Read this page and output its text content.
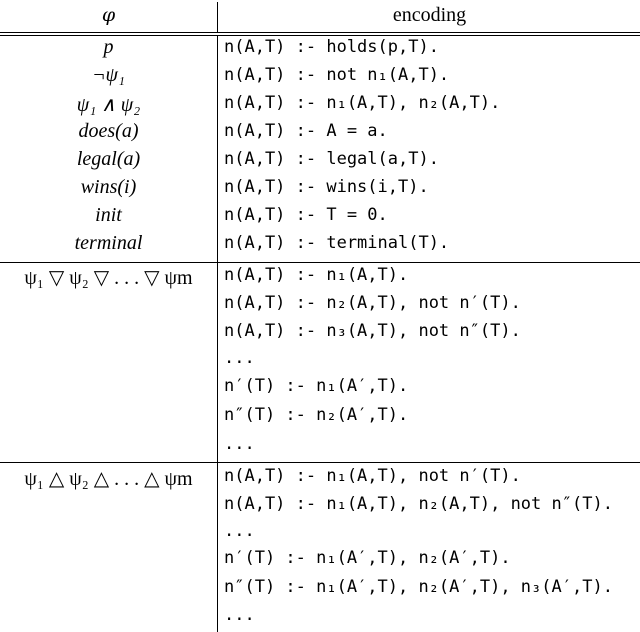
φ	encoding
p	n(A,T) :- holds(p,T).
¬ψ₁	n(A,T) :- not n₁(A,T).
ψ₁ ∧ ψ₂	n(A,T) :- n₁(A,T), n₂(A,T).
does(a)	n(A,T) :- A = a.
legal(a)	n(A,T) :- legal(a,T).
wins(i)	n(A,T) :- wins(i,T).
init	n(A,T) :- T = 0.
terminal	n(A,T) :- terminal(T).
ψ₁ ▽ ψ₂ ▽ . . . ▽ ψm	n(A,T) :- n₁(A,T).
n(A,T) :- n₂(A,T), not n′(T).
n(A,T) :- n₃(A,T), not n″(T).
...
n′(T) :- n₁(A′,T).
n″(T) :- n₂(A′,T).
...
ψ₁ △ ψ₂ △ . . . △ ψm	n(A,T) :- n₁(A,T), not n′(T).
n(A,T) :- n₁(A,T), n₂(A,T), not n″(T).
...
n′(T) :- n₁(A′,T), n₂(A′,T).
n″(T) :- n₁(A′,T), n₂(A′,T), n₃(A′,T).
...
